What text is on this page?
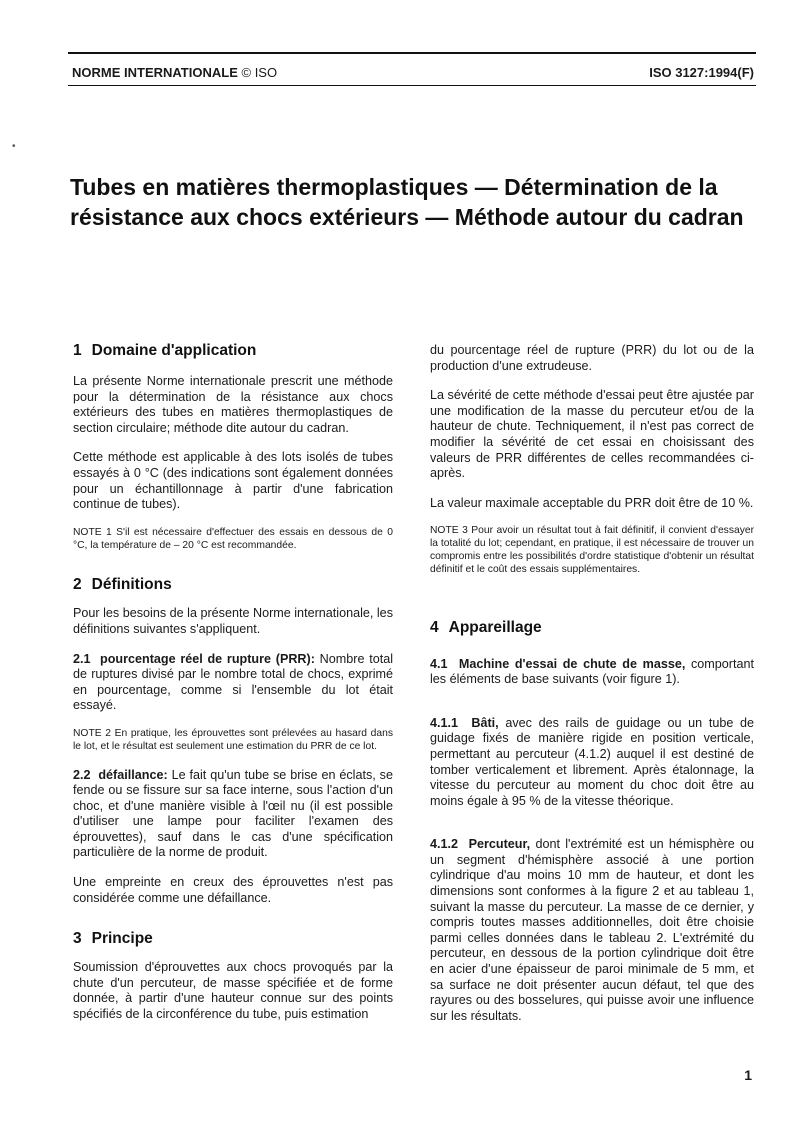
NORME INTERNATIONALE © ISO	ISO 3127:1994(F)
•
Tubes en matières thermoplastiques — Détermination de la résistance aux chocs extérieurs — Méthode autour du cadran
1 Domaine d'application

La présente Norme internationale prescrit une méthode pour la détermination de la résistance aux chocs extérieurs des tubes en matières thermoplastiques de section circulaire; méthode dite autour du cadran.

Cette méthode est applicable à des lots isolés de tubes essayés à 0 °C (des indications sont également données pour un échantillonnage à partir d'une fabrication continue de tubes).

NOTE 1 S'il est nécessaire d'effectuer des essais en dessous de 0 °C, la température de – 20 °C est recommandée.

2 Définitions

Pour les besoins de la présente Norme internationale, les définitions suivantes s'appliquent.

2.1 pourcentage réel de rupture (PRR): Nombre total de ruptures divisé par le nombre total de chocs, exprimé en pourcentage, comme si l'ensemble du lot était essayé.

NOTE 2 En pratique, les éprouvettes sont prélevées au hasard dans le lot, et le résultat est seulement une estimation du PRR de ce lot.

2.2 défaillance: Le fait qu'un tube se brise en éclats, se fende ou se fissure sur sa face interne, sous l'action d'un choc, et d'une manière visible à l'œil nu (il est possible d'utiliser une lampe pour faciliter l'examen des éprouvettes), sauf dans le cas d'une spécification particulière de la norme de produit.

Une empreinte en creux des éprouvettes n'est pas considérée comme une défaillance.

3 Principe

Soumission d'éprouvettes aux chocs provoqués par la chute d'un percuteur, de masse spécifiée et de forme donnée, à partir d'une hauteur connue sur des points spécifiés de la circonférence du tube, puis estimation

du pourcentage réel de rupture (PRR) du lot ou de la production d'une extrudeuse.

La sévérité de cette méthode d'essai peut être ajustée par une modification de la masse du percuteur et/ou de la hauteur de chute. Techniquement, il n'est pas correct de modifier la sévérité de cet essai en choisissant des valeurs de PRR différentes de celles recommandées ci-après.

La valeur maximale acceptable du PRR doit être de 10 %.

NOTE 3 Pour avoir un résultat tout à fait définitif, il convient d'essayer la totalité du lot; cependant, en pratique, il est nécessaire de trouver un compromis entre les possibilités d'ordre statistique d'obtenir un résultat définitif et le coût des essais supplémentaires.

4 Appareillage

4.1 Machine d'essai de chute de masse, comportant les éléments de base suivants (voir figure 1).

4.1.1 Bâti, avec des rails de guidage ou un tube de guidage fixés de manière rigide en position verticale, permettant au percuteur (4.1.2) auquel il est destiné de tomber verticalement et librement. Après étalonnage, la vitesse du percuteur au moment du choc doit être au moins égale à 95 % de la vitesse théorique.

4.1.2 Percuteur, dont l'extrémité est un hémisphère ou un segment d'hémisphère associé à une portion cylindrique d'au moins 10 mm de hauteur, et dont les dimensions sont conformes à la figure 2 et au tableau 1, suivant la masse du percuteur. La masse de ce dernier, y compris toutes masses additionnelles, doit être choisie parmi celles données dans le tableau 2. L'extrémité du percuteur, en dessous de la portion cylindrique doit être en acier d'une épaisseur de paroi minimale de 5 mm, et sa surface ne doit présenter aucun défaut, tel que des rayures ou des bosselures, qui puisse avoir une influence sur les résultats.

1
